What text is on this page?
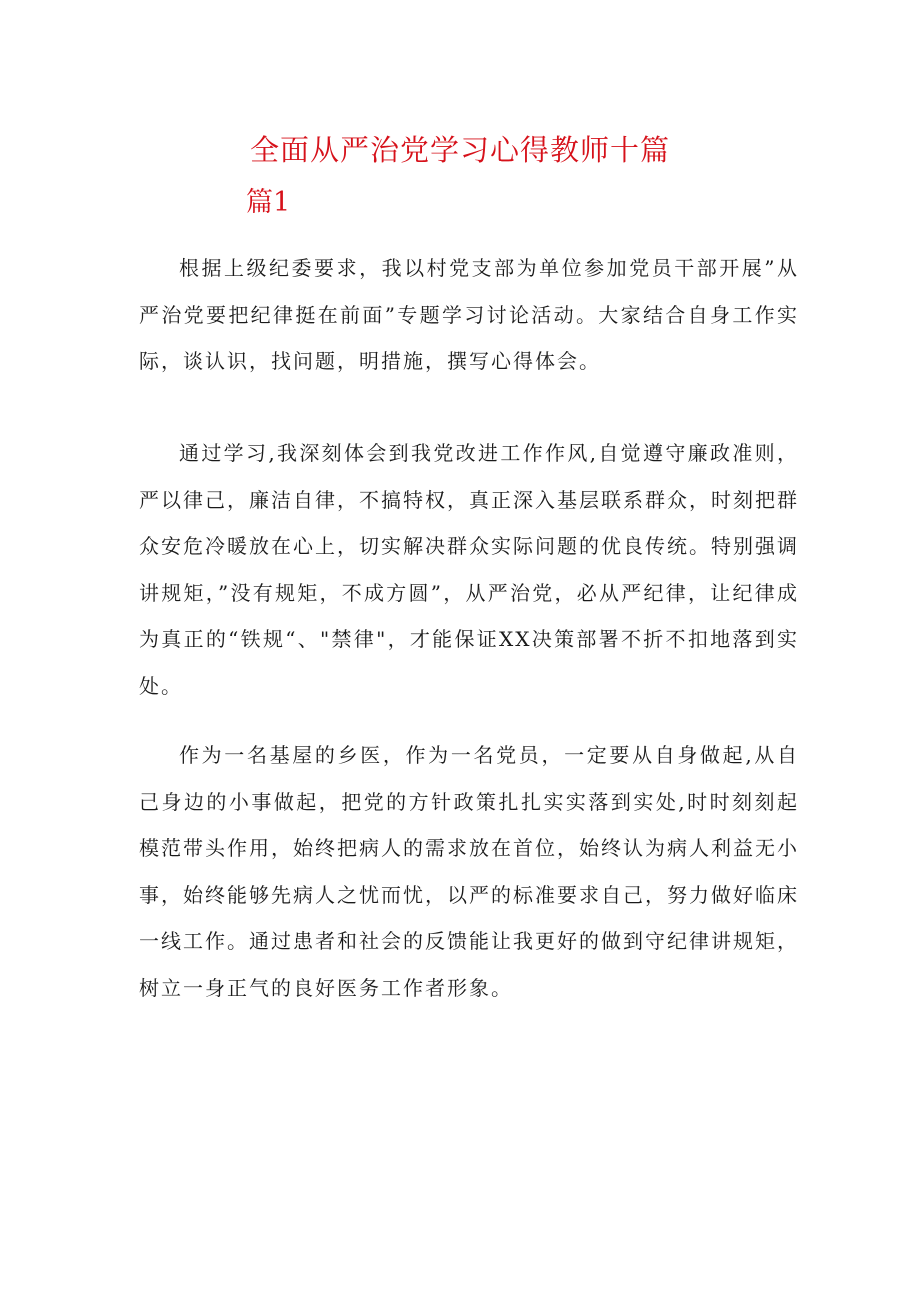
全面从严治党学习心得教师十篇
篇1

根据上级纪委要求，我以村党支部为单位参加党员干部开展”从严治党要把纪律挺在前面”专题学习讨论活动。大家结合自身工作实际，谈认识，找问题，明措施，撰写心得体会。

通过学习,我深刻体会到我党改进工作作风,自觉遵守廉政准则，严以律己，廉洁自律，不搞特权，真正深入基层联系群众，时刻把群众安危冷暖放在心上，切实解决群众实际问题的优良传统。特别强调讲规矩，”没有规矩，不成方圆”，从严治党，必从严纪律，让纪律成为真正的“铁规“、"禁律"，才能保证XX决策部署不折不扣地落到实处。

作为一名基屋的乡医，作为一名党员，一定要从自身做起,从自己身边的小事做起，把党的方针政策扎扎实实落到实处,时时刻刻起模范带头作用，始终把病人的需求放在首位，始终认为病人利益无小事，始终能够先病人之忧而忧，以严的标准要求自己，努力做好临床一线工作。通过患者和社会的反馈能让我更好的做到守纪律讲规矩，树立一身正气的良好医务工作者形象。
